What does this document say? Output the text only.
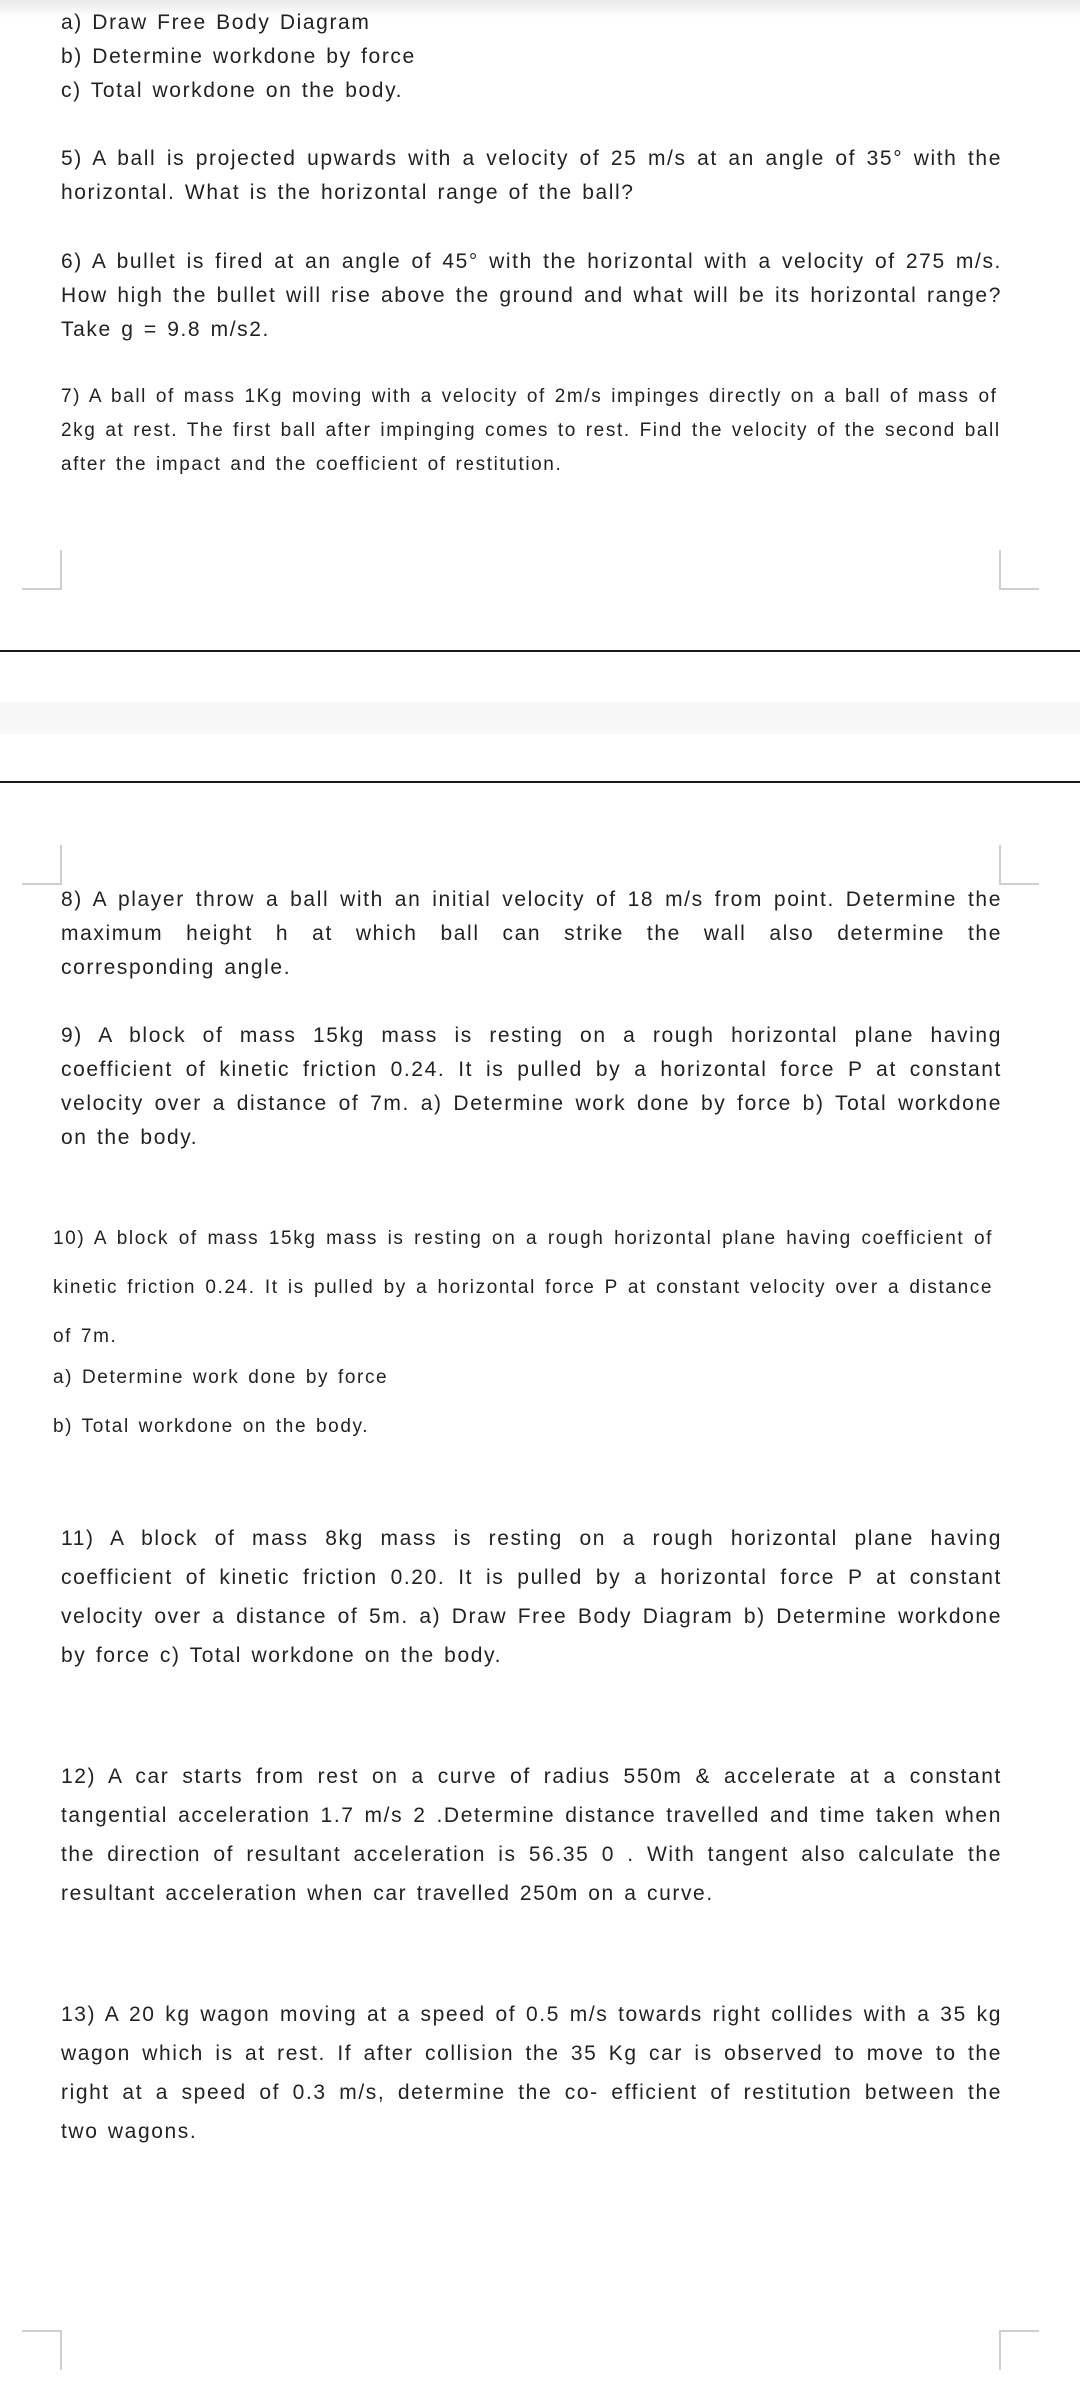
a) Draw Free Body Diagram

b) Determine workdone by force

c) Total workdone on the body.

5) A ball is projected upwards with a velocity of 25 m/s at an angle of 35° with the horizontal. What is the horizontal range of the ball?

6) A bullet is fired at an angle of 45° with the horizontal with a velocity of 275 m/s. How high the bullet will rise above the ground and what will be its horizontal range? Take g = 9.8 m/s2.

7) A ball of mass 1Kg moving with a velocity of 2m/s impinges directly on a ball of mass of 2kg at rest. The first ball after impinging comes to rest. Find the velocity of the second ball after the impact and the coefficient of restitution.

8) A player throw a ball with an initial velocity of 18 m/s from point. Determine the maximum height h at which ball can strike the wall also determine the corresponding angle.

9) A block of mass 15kg mass is resting on a rough horizontal plane having coefficient of kinetic friction 0.24. It is pulled by a horizontal force P at constant velocity over a distance of 7m. a) Determine work done by force b) Total workdone on the body.

10) A block of mass 15kg mass is resting on a rough horizontal plane having coefficient of kinetic friction 0.24. It is pulled by a horizontal force P at constant velocity over a distance of 7m.

a) Determine work done by force

b) Total workdone on the body.

11) A block of mass 8kg mass is resting on a rough horizontal plane having coefficient of kinetic friction 0.20. It is pulled by a horizontal force P at constant velocity over a distance of 5m. a) Draw Free Body Diagram b) Determine workdone by force c) Total workdone on the body.

12) A car starts from rest on a curve of radius 550m & accelerate at a constant tangential acceleration 1.7 m/s 2 .Determine distance travelled and time taken when the direction of resultant acceleration is 56.35 0 . With tangent also calculate the resultant acceleration when car travelled 250m on a curve.

13) A 20 kg wagon moving at a speed of 0.5 m/s towards right collides with a 35 kg wagon which is at rest. If after collision the 35 Kg car is observed to move to the right at a speed of 0.3 m/s, determine the co- efficient of restitution between the two wagons.
